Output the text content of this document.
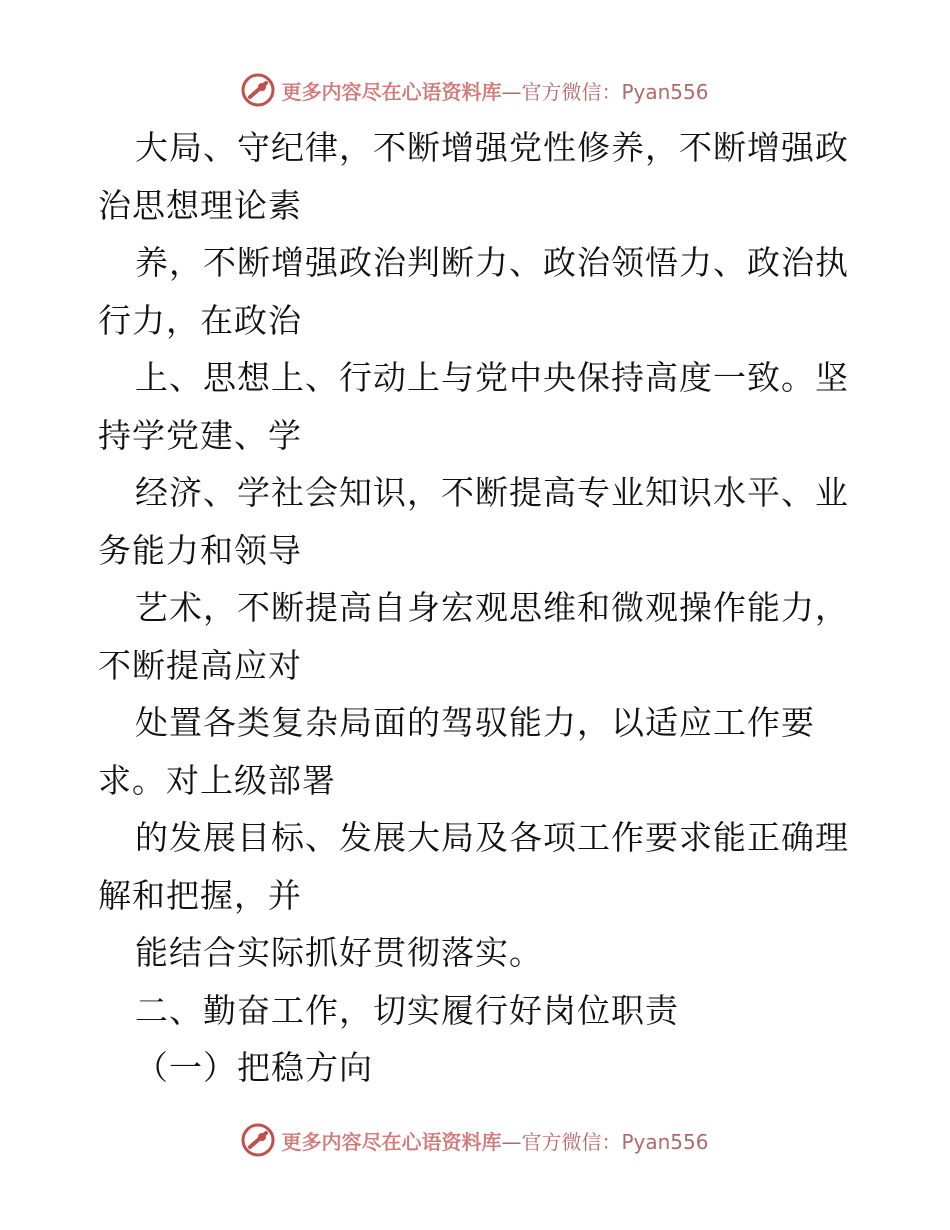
更多内容尽在心语资料库—官方微信：Pyan556
大局、守纪律，不断增强党性修养，不断增强政
治思想理论素
养，不断增强政治判断力、政治领悟力、政治执
行力，在政治
上、思想上、行动上与党中央保持高度一致。坚
持学党建、学
经济、学社会知识，不断提高专业知识水平、业
务能力和领导
艺术，不断提高自身宏观思维和微观操作能力，
不断提高应对
处置各类复杂局面的驾驭能力，以适应工作要
求。对上级部署
的发展目标、发展大局及各项工作要求能正确理
解和把握，并
能结合实际抓好贯彻落实。
二、勤奋工作，切实履行好岗位职责
（一）把稳方向
更多内容尽在心语资料库—官方微信：Pyan556
